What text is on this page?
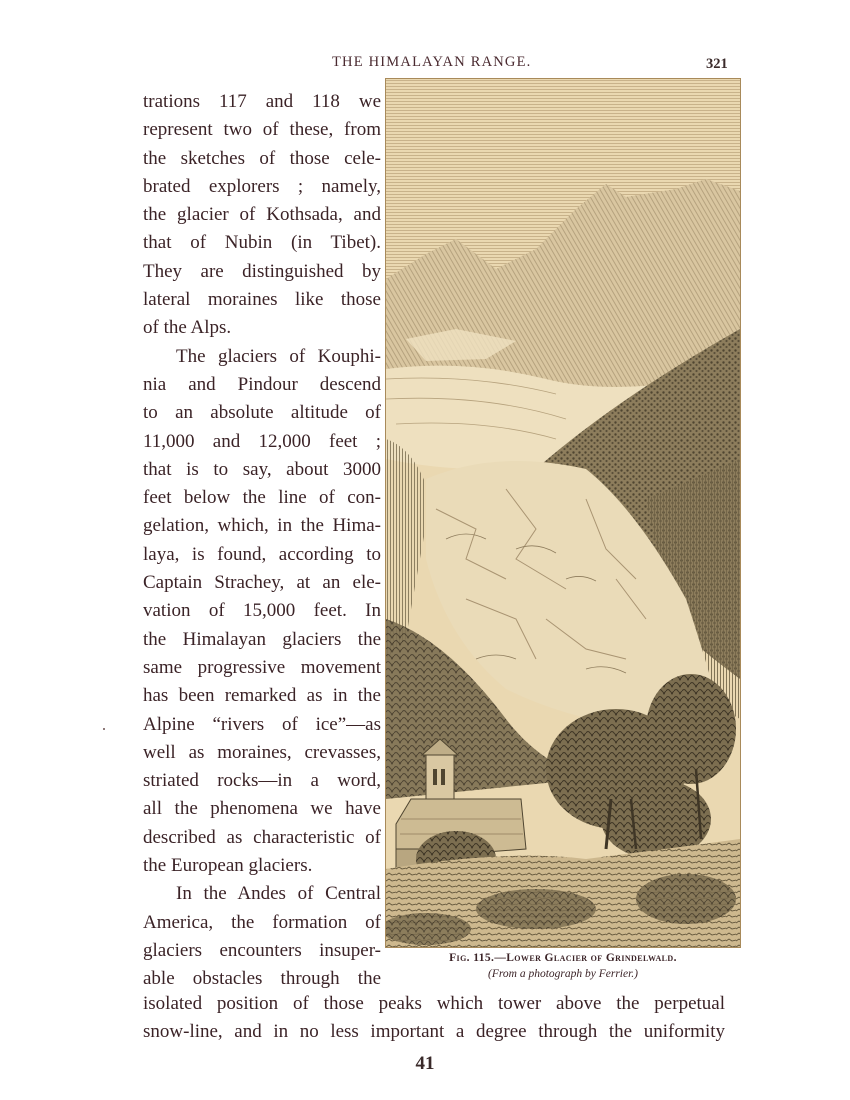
THE HIMALAYAN RANGE.	321
trations 117 and 118 we
represent two of these, from
the sketches of those cele-
brated explorers ; namely,
the glacier of Kothsada, and
that of Nubin (in Tibet).
They are distinguished by
lateral moraines like those
of the Alps.
The glaciers of Kouphi-
nia and Pindour descend
to an absolute altitude of
11,000 and 12,000 feet ;
that is to say, about 3000
feet below the line of con-
gelation, which, in the Hima-
laya, is found, according to
Captain Strachey, at an ele-
vation of 15,000 feet. In
the Himalayan glaciers the
same progressive movement
has been remarked as in the
Alpine “rivers of ice”—as
well as moraines, crevasses,
striated rocks—in a word,
all the phenomena we have
described as characteristic of
the European glaciers.
In the Andes of Central
America, the formation of
glaciers encounters insuper-
able obstacles through the
Fig. 115.—Lower Glacier of Grindelwald.
(From a photograph by Ferrier.)
isolated position of those peaks which tower above the perpetual
snow-line, and in no less important a degree through the uniformity
41
